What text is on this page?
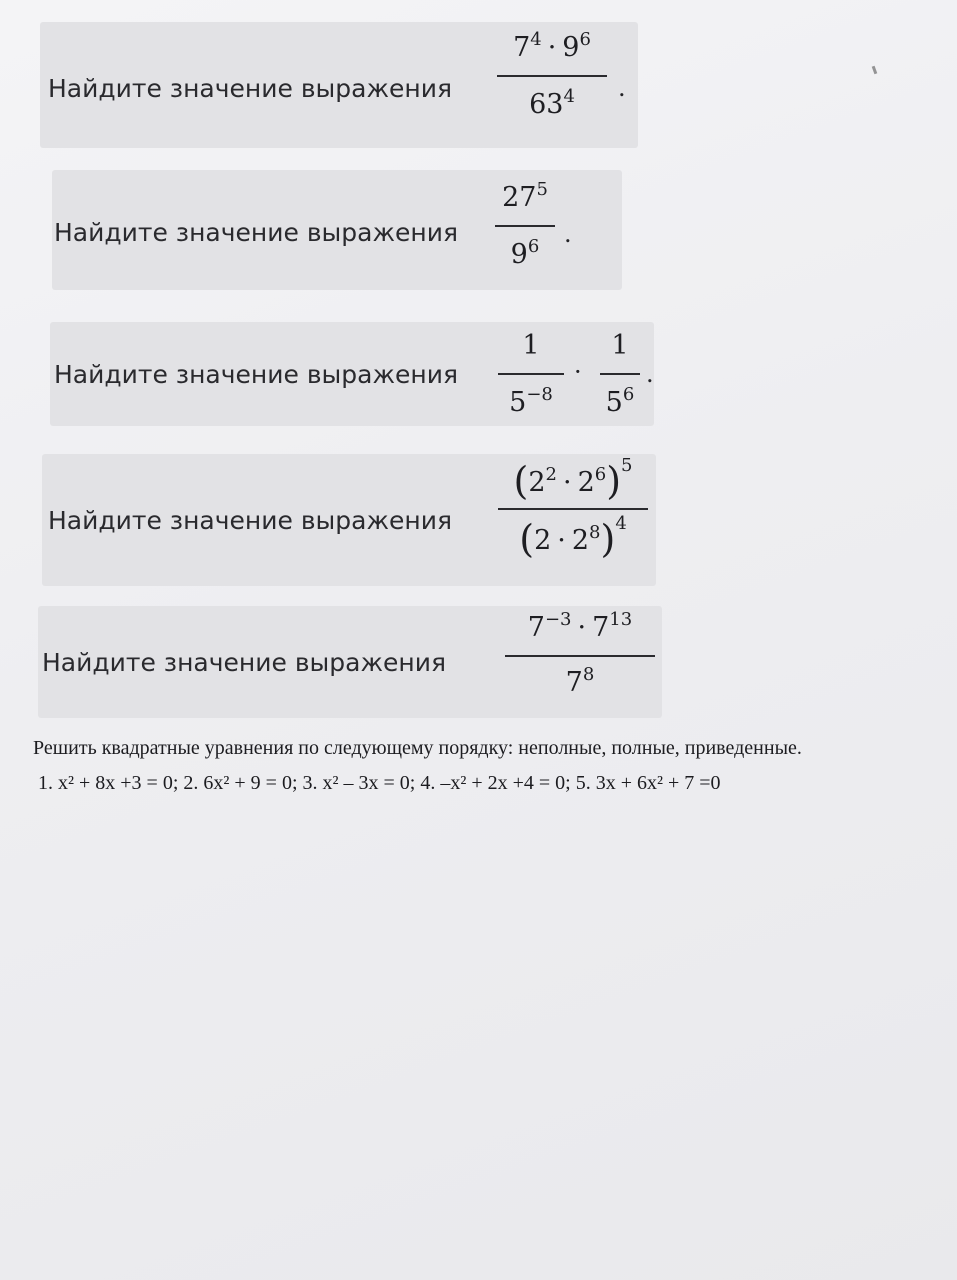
Найдите значение выражения
$7^4 \cdot 9^6$
$63^4$ .
Найдите значение выражения
$27^5$
$9^6$ .
Найдите значение выражения
1
$5^{-8}$
·
1
$5^6$
.
Найдите значение выражения
$(2^2 \cdot 2^6)^5$
$(2 \cdot 2^8)^4$
Найдите значение выражения
$7^{-3} \cdot 7^{13}$
$7^8$
Решить квадратные уравнения по следующему порядку: неполные, полные, приведенные.
1. x² + 8x +3 = 0; 2. 6x² + 9 = 0; 3. x² – 3x = 0; 4. –x² + 2x +4 = 0; 5. 3x + 6x² + 7 =0
